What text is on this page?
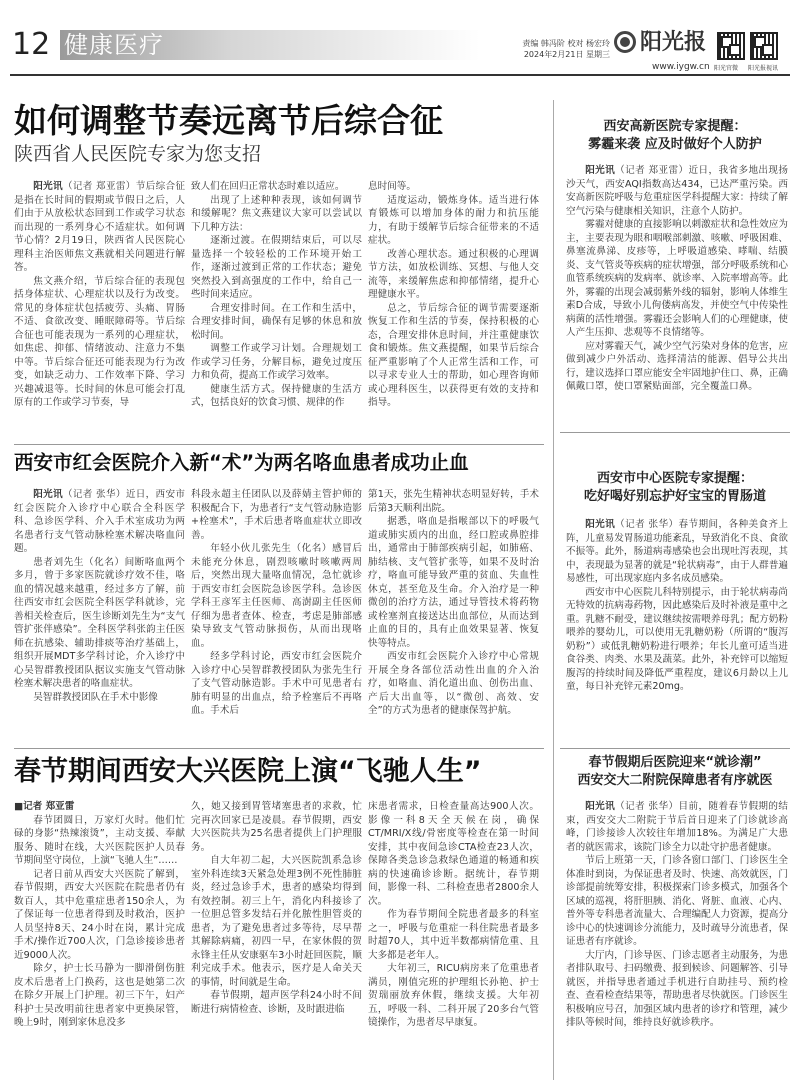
12 健康医疗	责编 韩冯阶 校对 杨宏玲
2024年2月21日 星期三 阳光报
www.iygw.cn 阳光官微 阳光报视讯
如何调整节奏远离节后综合征
陕西省人民医院专家为您支招

阳光讯（记者 郑亚雷）节后综合征是指在长时间的假期或节假日之后，人们由于从放松状态回到工作或学习状态而出现的一系列身心不适症状。如何调节心情？2月19日，陕西省人民医院心理科主治医师焦文燕就相关问题进行解答。

焦文燕介绍，节后综合征的表现包括身体症状、心理症状以及行为改变。常见的身体症状包括疲劳、头痛、胃肠不适、食欲改变、睡眠障碍等。节后综合征也可能表现为一系列的心理症状，如焦虑、抑郁、情绪波动、注意力不集中等。节后综合征还可能表现为行为改变，如缺乏动力、工作效率下降、学习兴趣减退等。长时间的休息可能会打乱原有的工作或学习节奏，导

致人们在回归正常状态时难以适应。

出现了上述种种表现，该如何调节和缓解呢？焦文燕建议大家可以尝试以下几种方法：

逐渐过渡。在假期结束后，可以尽量选择一个较轻松的工作环境开始工作，逐渐过渡到正常的工作状态；避免突然投入到高强度的工作中，给自己一些时间来适应。

合理安排时间。在工作和生活中，合理安排时间，确保有足够的休息和放松时间。

调整工作或学习计划。合理规划工作或学习任务，分解目标，避免过度压力和负荷，提高工作或学习效率。

健康生活方式。保持健康的生活方式，包括良好的饮食习惯、规律的作

息时间等。

适度运动，锻炼身体。适当进行体育锻炼可以增加身体的耐力和抗压能力，有助于缓解节后综合征带来的不适症状。

改善心理状态。通过积极的心理调节方法，如放松训练、冥想、与他人交流等，来缓解焦虑和抑郁情绪，提升心理健康水平。

总之，节后综合征的调节需要逐渐恢复工作和生活的节奏，保持积极的心态，合理安排休息时间，并注重健康饮食和锻炼。焦文燕提醒，如果节后综合征严重影响了个人正常生活和工作，可以寻求专业人士的帮助，如心理咨询师或心理科医生，以获得更有效的支持和指导。

西安市红会医院介入新“术”为两名咯血患者成功止血

阳光讯（记者 张华）近日，西安市红会医院介入诊疗中心联合全科医学科、急诊医学科、介入手术室成功为两名患者行支气管动脉栓塞术解决咯血问题。

患者刘先生（化名）间断咯血两个多月，曾于多家医院就诊疗效不佳，咯血的情况越来越重，经过多方了解，前往西安市红会医院全科医学科就诊，完善相关检查后，医生诊断刘先生为“支气管扩张伴感染”。全科医学科张韵主任医师在抗感染、辅助排痰等治疗基础上，组织开展MDT多学科讨论，介入诊疗中心吴智群教授团队据议实施支气管动脉栓塞术解决患者的咯血症状。

吴智群教授团队在手术中影像

科段永超主任团队以及薛婧主管护师的积极配合下，为患者行“支气管动脉造影+栓塞术”，手术后患者咯血症状立即改善。

年轻小伙儿张先生（化名）感冒后未能充分休息，剧烈咳嗽时咳嗽两周后，突然出现大量咯血情况，急忙就诊于西安市红会医院急诊医学科。急诊医学科王彦军主任医师、高澍副主任医师仔细为患者查体、检查，考虑是肺部感染导致支气管动脉损伤，从而出现咯血。

经多学科讨论，西安市红会医院介入诊疗中心吴智群教授团队为张先生行了支气管动脉造影。手术中可见患者右肺有明显的出血点，给予栓塞后不再咯血。手术后

第1天，张先生精神状态明显好转，手术后第3天顺利出院。

据悉，咯血是指喉部以下的呼吸气道或肺实质内的出血，经口腔或鼻腔排出，通常由于肺部疾病引起，如肺癌、肺结核、支气管扩张等，如果不及时治疗，咯血可能导致严重的贫血、失血性休克，甚至危及生命。介入治疗是一种微创的治疗方法，通过导管技术将药物或栓塞剂直接送达出血部位，从而达到止血的目的，具有止血效果显著、恢复快等特点。

西安市红会医院介入诊疗中心常规开展全身各部位活动性出血的介入治疗，如咯血、消化道出血、创伤出血、产后大出血等，以“微创、高效、安全”的方式为患者的健康保驾护航。

春节期间西安大兴医院上演“飞驰人生”

■记者 郑亚雷

春节团圆日，万家灯火时。他们忙碌的身影“热辣滚烫”，主动支援、奉献服务、随时在线，大兴医院医护人员春节期间坚守岗位，上演“飞驰人生”……

记者日前从西安大兴医院了解到，春节假期，西安大兴医院在院患者仍有数百人，其中危重症患者150余人，为了保证每一位患者得到及时救治，医护人员坚持8天、24小时在岗，累计完成手术/操作近700人次，门急诊接诊患者近9000人次。

除夕，护士长马静为一脚滑倒伤脏皮术后患者上门换药，这也是她第二次在除夕开展上门护理。初三下午，妇产科护士吴改明前往患者家中更换尿管，晚上9时，刚到家休息没多

久，她又接到胃管堵塞患者的求救，忙完再次回家已是凌晨。春节假期，西安大兴医院共为25名患者提供上门护理服务。

自大年初二起，大兴医院凯系急诊室外科连续3天紧急处理3例不死性肺脏炎，经过急诊手术，患者的感染均得到有效控制。初三上午，消化内科接诊了一位胆总管多发结石并化脓性胆管炎的患者，为了避免患者过多等待，尽早帮其解除病痛，初四一早，在家休假的贺永锋主任从安康驱车3小时赶回医院，顺利完成手术。他表示，医疗是人命关天的事情，时间就是生命。

春节假期，超声医学科24小时不间断进行病情检查、诊断，及时跟进临

床患者需求，日检查量高达900人次。影像一科8天全天候在岗，确保CT/MRI/X线/骨密度等检查在第一时间安排，其中夜间急诊CTA检查23人次，保障各类急诊急救绿色通道的畅通和疾病的快速确诊诊断。据统计，春节期间，影像一科、二科检查患者2800余人次。

作为春节期间全院患者最多的科室之一，呼吸与危重症一科住院患者最多时超70人，其中近半数都病情危重、且大多都是老年人。

大年初三，RICU病房来了危重患者满员，刚值完班的护理组长孙艳、护士贺瑞丽放弃休假，继续支援。大年初五，呼吸一科、二科开展了20多台气管镜操作，为患者尽早康复。

西安高新医院专家提醒：
雾霾来袭 应及时做好个人防护

阳光讯（记者 郑亚雷）近日，我省多地出现扬沙天气，西安AQI指数高达434，已达严重污染。西安高新医院呼吸与危重症医学科提醒大家：持续了解空气污染与健康相关知识，注意个人防护。

雾霾对健康的直接影响以刺激症状和急性效应为主，主要表现为眼和咽喉部刺激、咳嗽、呼吸困难、鼻塞流鼻涕、皮疹等，上呼吸道感染、哮喘、结膜炎、支气管炎等疾病的症状增强，部分呼吸系统和心血管系统疾病的发病率、就诊率、入院率增高等。此外，雾霾的出现会减弱紫外线的辐射，影响人体维生素D合成，导致小儿佝偻病高发，并使空气中传染性病菌的活性增强。雾霾还会影响人们的心理健康，使人产生压抑、悲观等不良情绪等。

应对雾霾天气，减少空气污染对身体的危害，应做到减少户外活动、选择清洁的能源、倡导公共出行，建议选择口罩应能安全牢固地护住口、鼻，正确佩戴口罩，使口罩紧贴面部，完全覆盖口鼻。

西安市中心医院专家提醒：
吃好喝好别忘护好宝宝的胃肠道

阳光讯（记者 张华）春节期间，各种美食齐上阵，儿童易发胃肠道功能紊乱，导致消化不良、食欲不振等。此外，肠道病毒感染也会出现吐泻表现，其中，表现最为显著的就是“轮状病毒”，由于人群普遍易感性，可出现家庭内多名成员感染。

西安市中心医院儿科特别提示，由于轮状病毒尚无特效的抗病毒药物，因此感染后及时补液是重中之重。乳糖不耐受，建议继续按需喂养母乳；配方奶粉喂养的婴幼儿，可以使用无乳糖奶粉（所谓的“腹泻奶粉”）或低乳糖奶粉进行喂养；年长儿童可适当进食谷类、肉类、水果及蔬菜。此外，补充锌可以缩短腹泻的持续时间及降低严重程度，建议6月龄以上儿童，每日补充锌元素20mg。

春节假期后医院迎来“就诊潮”
西安交大二附院保障患者有序就医

阳光讯（记者 张华）目前，随着春节假期的结束，西安交大二附院于节后首日迎来了门诊就诊高峰，门诊接诊人次较往年增加18%。为满足广大患者的就医需求，该院门诊全力以赴守护患者健康。

节后上班第一天，门诊各窗口部门、门诊医生全体准时到岗，为保证患者及时、快速、高效就医，门诊部提前统筹安排，积极探索门诊多模式，加强各个区域的巡视，将肝胆胰、消化、肾脏、血液、心内、普外等专科患者流量大、合理编配人力资源，提高分诊中心的快速调诊分流能力，及时疏导分流患者，保证患者有序就诊。

大厅内，门诊导医、门诊志愿者主动服务，为患者排队取号、扫码缴费、报到候诊、问题解答、引导就医，并指导患者通过手机进行自助挂号、预约检查、查看检查结果等，帮助患者尽快就医。门诊医生积极响应号召，加强区域内患者的诊疗和管理，减少排队等候时间，维持良好就诊秩序。
